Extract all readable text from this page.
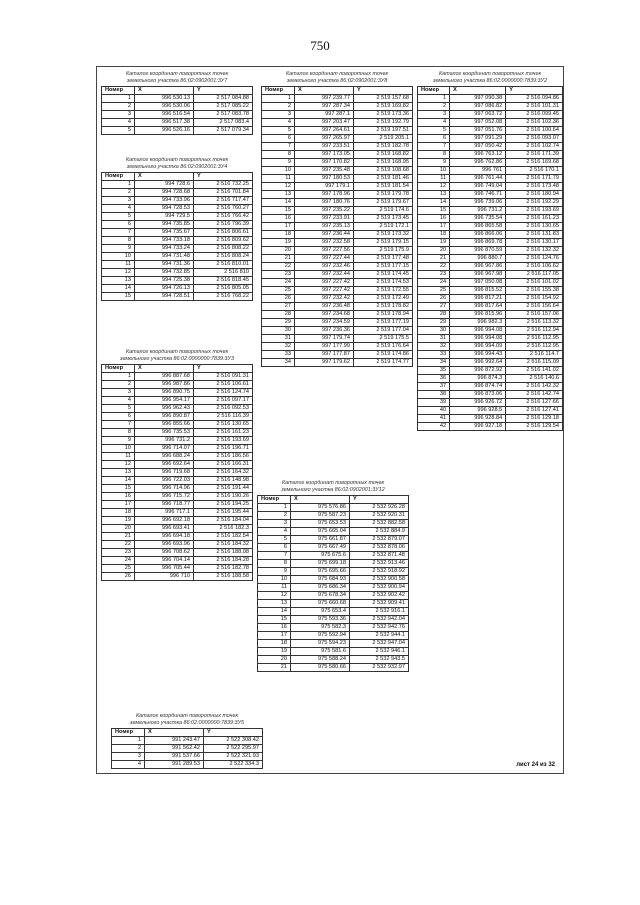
750
Каталог координат поворотных точек
земельного участка 86:02:0902001:3У7
Номер	X	Y
1	996 530.13	2 517 084.88
2	996 530.06	2 517 085.22
3	996 516.54	2 517 083.78
4	996 517.38	2 517 083.4
5	996 526.16	2 517 079.34
Каталог координат поворотных точек
земельного участка 86:02:0902001:3У4
Номер	X	Y
1	994 728.6	2 516 732.25
2	994 728.68	2 516 701.84
3	994 733.96	2 516 717.47
4	994 728.53	2 516 760.27
5	994 729.5	2 516 766.42
6	994 735.85	2 516 796.39
7	994 735.67	2 516 806.61
8	994 733.18	2 516 809.62
9	994 733.24	2 516 808.22
10	994 731.48	2 516 808.24
11	994 731.36	2 516 810.01
12	994 732.85	2 516 810
13	994 725.38	2 516 818.45
14	994 726.13	2 516 805.05
15	994 728.51	2 516 768.22
Каталог координат поворотных точек
земельного участка 86:02:0000000:7839:3У3
Номер	X	Y
1	996 887.68	2 516 091.31
2	996 987.86	2 516 106.61
3	996 890.75	2 516 124.74
4	996 954.17	2 516 097.17
5	996 962.43	2 516 092.53
6	996 890.87	2 516 116.39
7	996 855.66	2 516 130.65
8	996 735.53	2 516 161.23
9	996 731.2	2 516 193.69
10	996 714.07	2 516 196.71
11	996 688.24	2 516 186.56
12	996 692.64	2 516 166.31
13	996 719.68	2 516 164.32
14	996 722.03	2 516 148.98
15	996 714.96	2 516 191.44
16	996 715.72	2 516 190.26
17	996 718.77	2 516 194.25
18	996 717.1	2 516 195.44
19	996 692.18	2 516 184.04
20	996 693.41	2 516 182.3
21	996 694.18	2 516 182.54
22	996 693.96	2 516 184.32
23	996 708.62	2 516 188.08
24	996 704.14	2 516 184.28
25	996 705.44	2 516 182.78
26	996 710	2 516 188.58
Каталог координат поворотных точек
земельного участка 86:02:0000000:7839:3У5
Номер	X	Y
1	991 243.47	2 522 308.42
2	991 562.42	2 522 295.97
3	991 537.66	2 522 321.93
4	991 289.53	2 522 334.3
Каталог координат поворотных точек
земельного участка 86:02:0902001:3У8
Номер	X	Y
1	997 239.77	2 519 157.68
2	997 287.34	2 519 169.82
3	997 287.1	2 519 173.36
4	997 203.47	2 519 192.79
5	997 264.61	2 519 197.51
6	997 265.97	2 519 205.1
7	997 233.51	2 519 182.78
8	997 173.05	2 519 168.82
9	997 170.82	2 519 168.95
10	997 235.48	2 519 108.68
11	997 180.53	2 519 181.46
12	997 179.1	2 519 181.54
13	997 178.96	2 519 179.78
14	997 180.76	2 519 179.67
15	997 235.22	2 519 174.6
16	997 233.91	2 519 173.45
17	997 235.13	2 519 172.1
18	997 236.44	2 519 173.32
19	997 232.58	2 519 179.15
20	997 227.56	2 519 175.9
21	997 227.44	2 519 177.48
22	997 232.46	2 519 177.15
23	997 232.44	2 519 174.45
24	997 227.42	2 519 174.53
25	997 227.42	2 519 172.55
26	997 232.42	2 519 172.49
27	997 236.48	2 519 178.82
28	997 234.68	2 519 178.94
29	997 234.59	2 519 177.19
30	997 236.36	2 519 177.04
31	997 179.74	2 519 175.5
32	997 177.99	2 519 176.64
33	997 177.87	2 519 174.86
34	997 179.62	2 519 174.77
Каталог координат поворотных точек
земельного участка 86:02:0902001:3У12
Номер	X	Y
1	975 576.86	2 532 926.28
2	975 587.23	2 532 920.31
3	975 653.53	2 532 882.58
4	975 665.04	2 532 884.9
5	975 661.87	2 532 879.07
6	975 667.49	2 532 878.06
7	975 675.6	2 532 871.48
8	975 699.18	2 532 913.46
9	975 695.66	2 532 918.92
10	975 684.93	2 532 900.58
11	975 686.34	2 532 900.94
12	975 678.34	2 532 902.42
13	975 660.68	2 532 909.41
14	975 653.4	2 532 916.1
15	975 593.36	2 532 942.04
16	975 582.3	2 532 942.76
17	975 592.94	2 532 944.1
18	975 594.23	2 532 947.04
19	975 581.6	2 532 946.1
20	975 588.24	2 532 943.5
21	975 580.66	2 532 932.97
Каталог координат поворотных точек
земельного участка 86:02:0000000:7839:3У2
Номер	X	Y
1	997 090.38	2 516 094.86
2	997 086.82	2 516 101.31
3	997 063.72	2 516 099.45
4	997 052.08	2 516 102.36
5	997 051.76	2 516 100.64
6	997 091.29	2 516 093.07
7	997 050.42	2 516 102.74
8	996 763.12	2 516 171.39
9	996 762.86	2 516 169.68
10	996 761	2 516 170.1
11	996 761.44	2 516 171.79
12	996 749.04	2 516 173.48
13	996 746.71	2 516 180.94
14	996 739.06	2 516 192.29
15	996 731.2	2 516 193.69
16	996 735.54	2 516 161.23
17	996 865.58	2 516 130.65
18	996 866.06	2 516 131.83
19	996 869.78	2 516 130.17
20	996 870.59	2 516 132.32
21	996 880.7	2 516 124.76
22	996 967.86	2 516 106.62
23	996 967.98	2 516 117.05
24	997 050.08	2 516 101.02
25	996 815.52	2 516 155.38
26	996 817.21	2 516 154.92
27	996 817.64	2 516 156.64
28	996 815.96	2 516 157.06
29	996 982.3	2 516 113.32
30	996 994.08	2 516 112.94
31	996 994.08	2 516 112.95
32	996 994.09	2 516 112.95
33	996 994.43	2 516 114.7
34	996 992.64	2 516 115.09
35	996 872.92	2 516 141.02
36	996 874.3	2 516 140.6
37	996 874.74	2 516 142.32
38	996 873.06	2 516 142.74
39	996 926.72	2 516 127.66
40	996 928.5	2 516 127.41
41	996 928.84	2 516 129.18
42	996 927.18	2 516 129.54
лист 24 из 32
